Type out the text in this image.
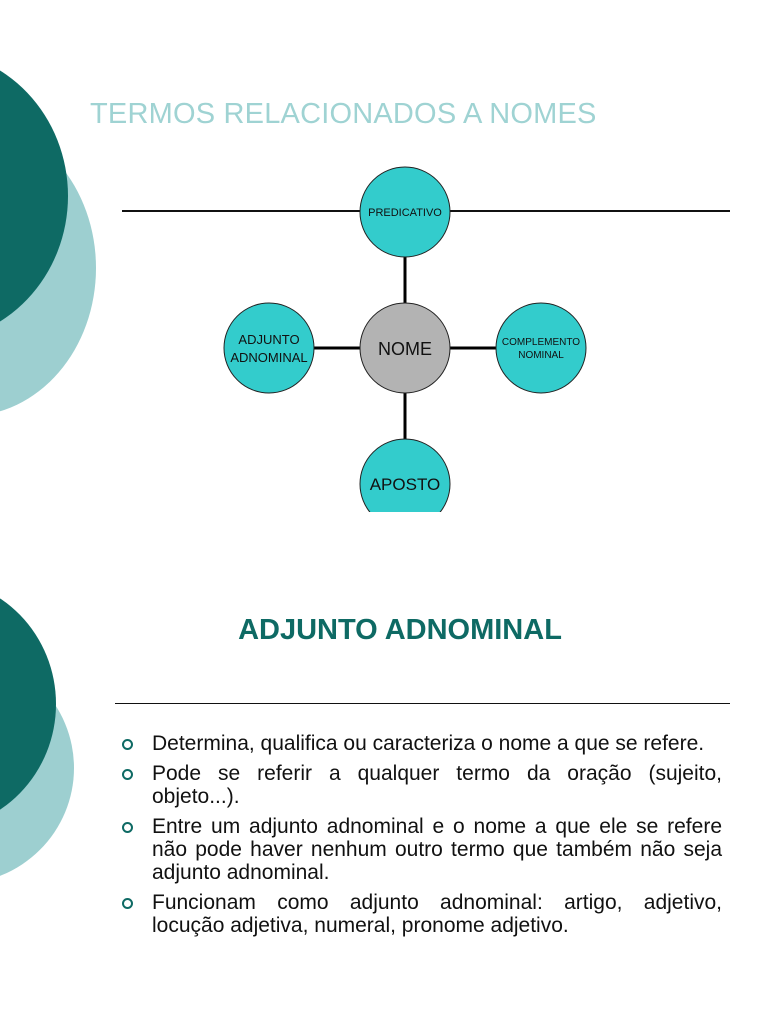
TERMOS RELACIONADOS A NOMES
PREDICATIVO
ADJUNTO
ADNOMINAL	NOME	COMPLEMENTO
NOMINAL
APOSTO
ADJUNTO ADNOMINAL
Determina, qualifica ou caracteriza o nome a que se refere.
Pode se referir a qualquer termo da oração (sujeito, objeto...).
Entre um adjunto adnominal e o nome a que ele se refere não pode haver nenhum outro termo que também não seja adjunto adnominal.
Funcionam como adjunto adnominal: artigo, adjetivo, locução adjetiva, numeral, pronome adjetivo.
